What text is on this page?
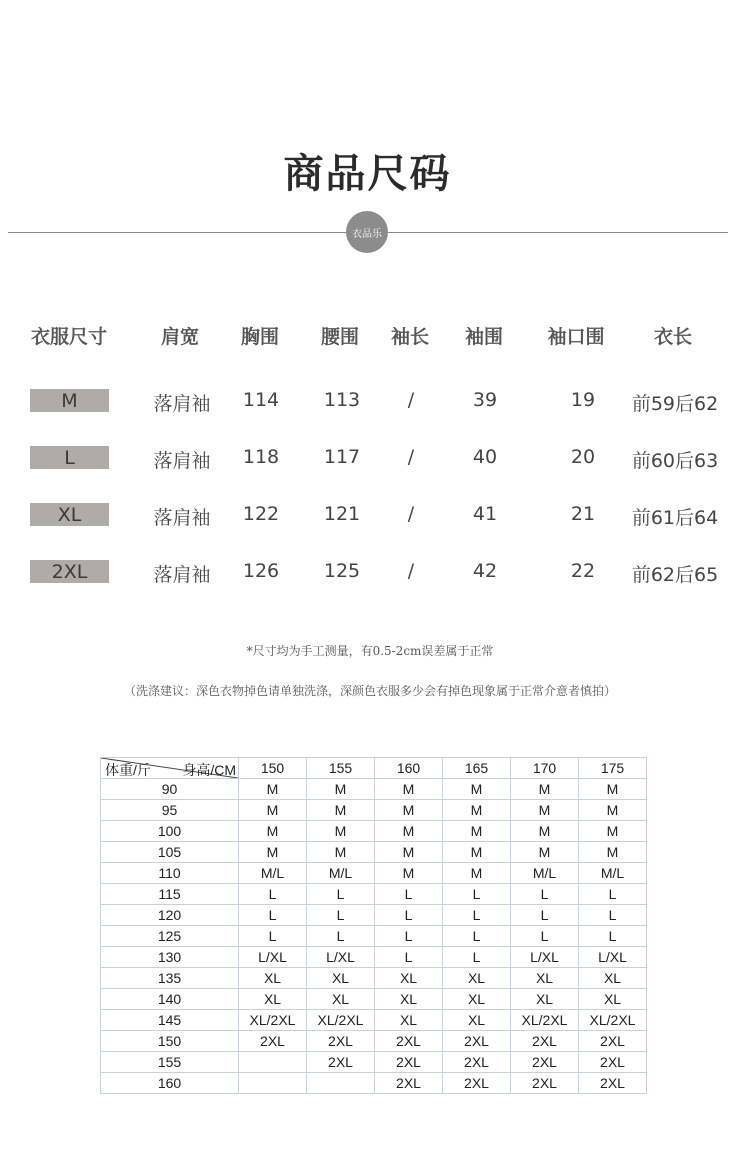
商品尺码
衣品乐
衣服尺寸	肩宽 胸围 腰围 袖长 袖围 袖口围	衣长
M	落肩袖 114 113	/	39	19 前59后62
L	落肩袖 118 117	/	40	20 前60后63
XL	落肩袖 122 121	/	41	21 前61后64
2XL	落肩袖 126 125	/	42	22 前62后65
*尺寸均为手工测量，有0.5-2cm误差属于正常
（洗涤建议：深色衣物掉色请单独洗涤，深颜色衣服多少会有掉色现象属于正常介意者慎拍）
体重/斤 身高/CM	150	155	160	165	170	175
90	M	M	M	M	M	M
95	M	M	M	M	M	M
100	M	M	M	M	M	M
105	M	M	M	M	M	M
110	M/L	M/L	M	M	M/L	M/L
115	L	L	L	L	L	L
120	L	L	L	L	L	L
125	L	L	L	L	L	L
130	L/XL	L/XL	L	L	L/XL	L/XL
135	XL	XL	XL	XL	XL	XL
140	XL	XL	XL	XL	XL	XL
145	XL/2XL	XL/2XL	XL	XL	XL/2XL	XL/2XL
150	2XL	2XL	2XL	2XL	2XL	2XL
155		2XL	2XL	2XL	2XL	2XL
160			2XL	2XL	2XL	2XL
